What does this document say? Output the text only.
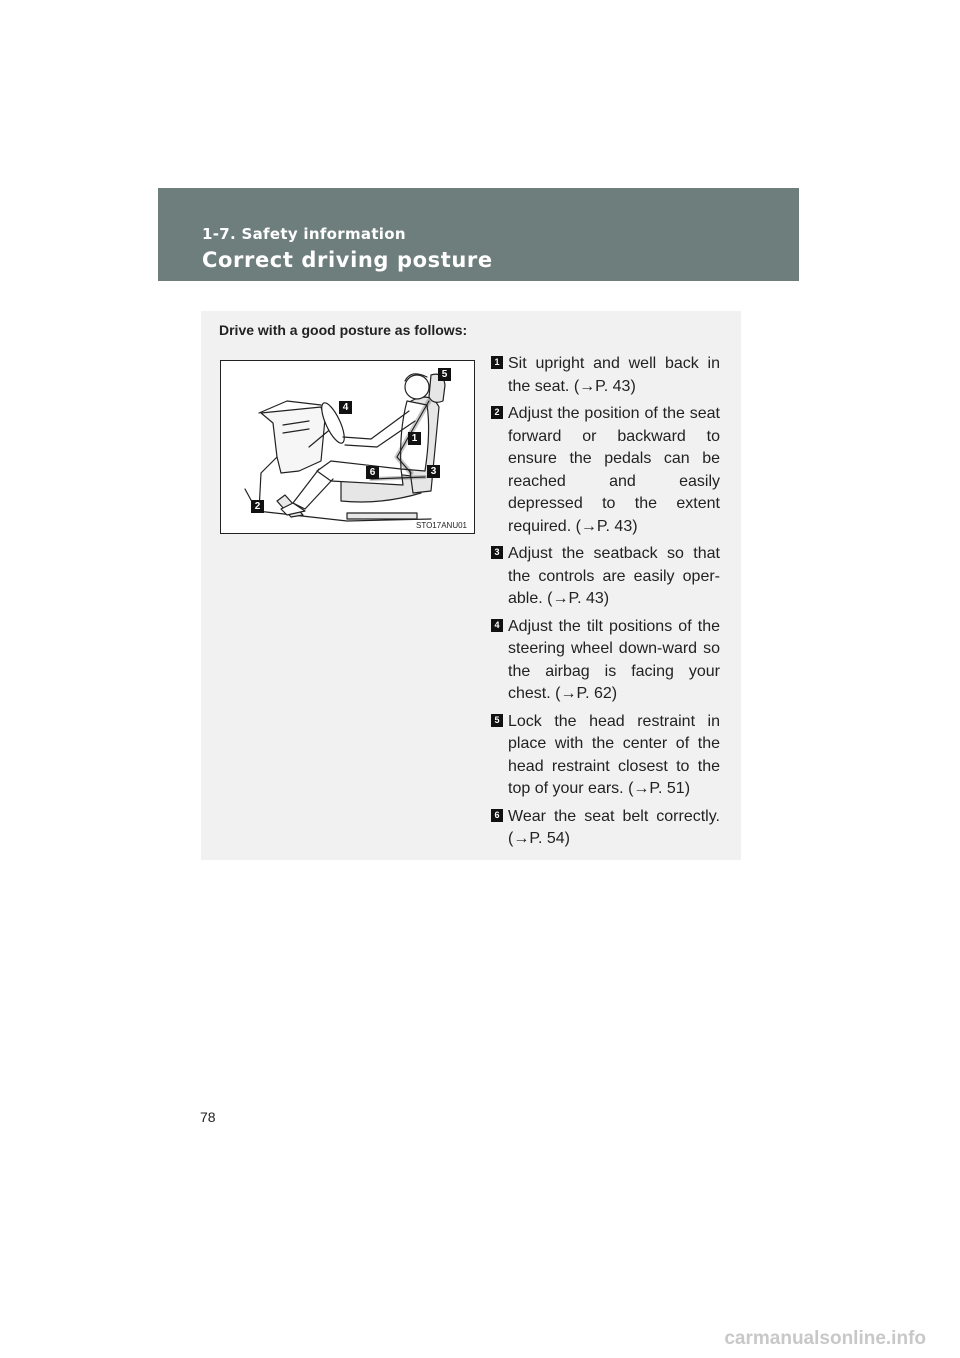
1-7. Safety information
Correct driving posture
Drive with a good posture as follows:
5
4
1
6	3
2
STO17ANU01
1 Sit upright and well back in the seat. (→P. 43)

2 Adjust the position of the seat forward or backward to ensure the pedals can be reached and easily depressed to the extent required. (→P. 43)

3 Adjust the seatback so that the controls are easily oper-able. (→P. 43)

4 Adjust the tilt positions of the steering wheel down-ward so the airbag is facing your chest. (→P. 62)

5 Lock the head restraint in place with the center of the head restraint closest to the top of your ears. (→P. 51)

6 Wear the seat belt correctly. (→P. 54)

78
carmanualsonline.info
